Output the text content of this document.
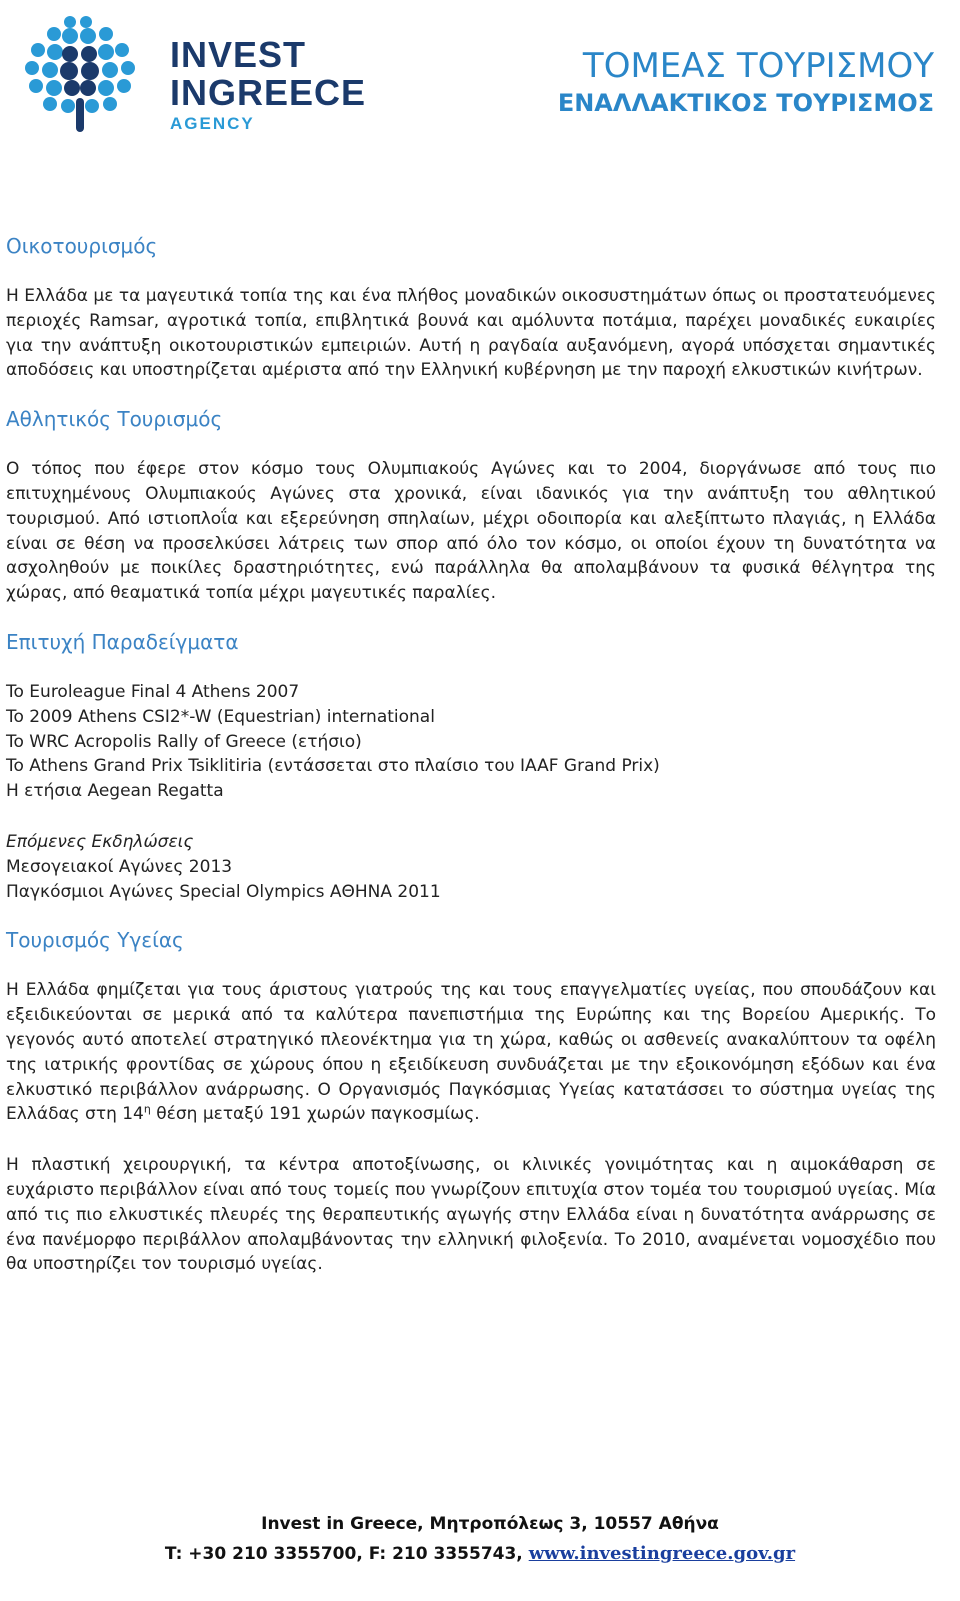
INVEST
INGREECE
AGENCY
ΤΟΜΕΑΣ ΤΟΥΡΙΣΜΟΥ
ΕΝΑΛΛΑΚΤΙΚΟΣ ΤΟΥΡΙΣΜΟΣ
Οικοτουρισμός

Η Ελλάδα με τα μαγευτικά τοπία της και ένα πλήθος μοναδικών οικοσυστημάτων όπως οι προστατευόμενες περιοχές Ramsar, αγροτικά τοπία, επιβλητικά βουνά και αμόλυντα ποτάμια, παρέχει μοναδικές ευκαιρίες για την ανάπτυξη οικοτουριστικών εμπειριών. Αυτή η ραγδαία αυξανόμενη, αγορά υπόσχεται σημαντικές αποδόσεις και υποστηρίζεται αμέριστα από την Ελληνική κυβέρνηση με την παροχή ελκυστικών κινήτρων.

Αθλητικός Τουρισμός

Ο τόπος που έφερε στον κόσμο τους Ολυμπιακούς Αγώνες και το 2004, διοργάνωσε από τους πιο επιτυχημένους Ολυμπιακούς Αγώνες στα χρονικά, είναι ιδανικός για την ανάπτυξη του αθλητικού τουρισμού. Από ιστιοπλοΐα και εξερεύνηση σπηλαίων, μέχρι οδοιπορία και αλεξίπτωτο πλαγιάς, η Ελλάδα είναι σε θέση να προσελκύσει λάτρεις των σπορ από όλο τον κόσμο, οι οποίοι έχουν τη δυνατότητα να ασχοληθούν με ποικίλες δραστηριότητες, ενώ παράλληλα θα απολαμβάνουν τα φυσικά θέλγητρα της χώρας, από θεαματικά τοπία μέχρι μαγευτικές παραλίες.

Επιτυχή Παραδείγματα
To Euroleague Final 4 Athens 2007
To 2009 Athens CSI2*-W (Equestrian) international
To WRC Acropolis Rally of Greece (ετήσιο)
To Athens Grand Prix Tsiklitiria (εντάσσεται στο πλαίσιο του IAAF Grand Prix)
Η ετήσια Aegean Regatta
Επόμενες Εκδηλώσεις
Μεσογειακοί Αγώνες 2013
Παγκόσμιοι Αγώνες Special Olympics ΑΘΗΝΑ 2011
Τουρισμός Υγείας

Η Ελλάδα φημίζεται για τους άριστους γιατρούς της και τους επαγγελματίες υγείας, που σπουδάζουν και εξειδικεύονται σε μερικά από τα καλύτερα πανεπιστήμια της Ευρώπης και της Βορείου Αμερικής. Το γεγονός αυτό αποτελεί στρατηγικό πλεονέκτημα για τη χώρα, καθώς οι ασθενείς ανακαλύπτουν τα οφέλη της ιατρικής φροντίδας σε χώρους όπου η εξειδίκευση συνδυάζεται με την εξοικονόμηση εξόδων και ένα ελκυστικό περιβάλλον ανάρρωσης. Ο Οργανισμός Παγκόσμιας Υγείας κατατάσσει το σύστημα υγείας της Ελλάδας στη $14^\eta$ θέση μεταξύ 191 χωρών παγκοσμίως.

Η πλαστική χειρουργική, τα κέντρα αποτοξίνωσης, οι κλινικές γονιμότητας και η αιμοκάθαρση σε ευχάριστο περιβάλλον είναι από τους τομείς που γνωρίζουν επιτυχία στον τομέα του τουρισμού υγείας. Μία από τις πιο ελκυστικές πλευρές της θεραπευτικής αγωγής στην Ελλάδα είναι η δυνατότητα ανάρρωσης σε ένα πανέμορφο περιβάλλον απολαμβάνοντας την ελληνική φιλοξενία. Το 2010, αναμένεται νομοσχέδιο που θα υποστηρίζει τον τουρισμό υγείας.

Invest in Greece, Μητροπόλεως 3, 10557 Αθήνα
T: +30 210 3355700, F: 210 3355743, www.investingreece.gov.gr
